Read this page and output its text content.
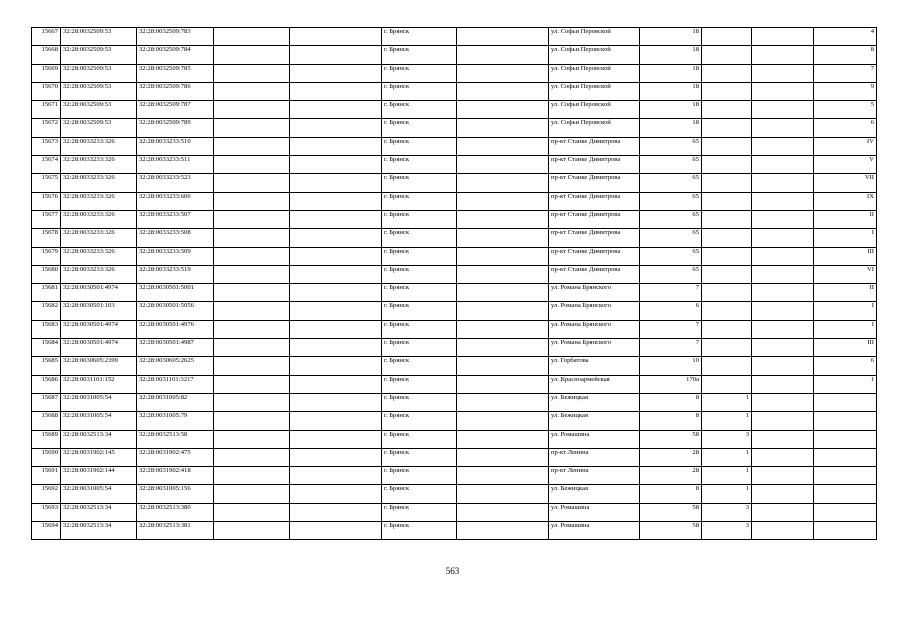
15667	32:28:0032509:53	32:28:0032509:783			г. Брянск		ул. Софьи Перовской	18			4
15668	32:28:0032509:53	32:28:0032509:784			г. Брянск		ул. Софьи Перовской	18			8
15669	32:28:0032509:53	32:28:0032509:785			г. Брянск		ул. Софьи Перовской	18			7
15670	32:28:0032509:53	32:28:0032509:786			г. Брянск		ул. Софьи Перовской	18			9
15671	32:28:0032509:53	32:28:0032509:787			г. Брянск		ул. Софьи Перовской	18			5
15672	32:28:0032509:53	32:28:0032509:789			г. Брянск		ул. Софьи Перовской	18			6
15673	32:28:0033233:326	32:28:0033233:510			г. Брянск		пр-кт Станке Димитрова	65			IV
15674	32:28:0033233:326	32:28:0033233:511			г. Брянск		пр-кт Станке Димитрова	65			V
15675	32:28:0033233:326	32:28:0033233:523			г. Брянск		пр-кт Станке Димитрова	65			VII
15676	32:28:0033233:326	32:28:0033233:606			г. Брянск		пр-кт Станке Димитрова	65			IX
15677	32:28:0033233:326	32:28:0033233:507			г. Брянск		пр-кт Станке Димитрова	65			II
15678	32:28:0033233:326	32:28:0033233:508			г. Брянск		пр-кт Станке Димитрова	65			I
15679	32:28:0033233:326	32:28:0033233:509			г. Брянск		пр-кт Станке Димитрова	65			III
15680	32:28:0033233:326	32:28:0033233:519			г. Брянск		пр-кт Станке Димитрова	65			VI
15681	32:28:0030501:4974	32:28:0030501:5001			г. Брянск		ул. Романа Брянского	7			II
15682	32:28:0030501:103	32:28:0030501:5056			г. Брянск		ул. Романа Брянского	6			I
15683	32:28:0030501:4974	32:28:0030501:4976			г. Брянск		ул. Романа Брянского	7			I
15684	32:28:0030501:4974	32:28:0030501:4987			г. Брянск		ул. Романа Брянского	7			III
15685	32:28:0030605:2399	32:28:0030605:2625			г. Брянск		ул. Горбатова	10			6
15686	32:28:0031101:152	32:28:0031101:3217			г. Брянск		ул. Красноармейская	170а			1
15687	32:28:0031005:54	32:28:0031005:82			г. Брянск		ул. Бежицкая	8	1		
15688	32:28:0031005:54	32:28:0031005:79			г. Брянск		ул. Бежицкая	8	1		
15689	32:28:0032513:34	32:28:0032513:58			г. Брянск		ул. Ромашина	58	3		
15690	32:28:0031902:145	32:28:0031902:475			г. Брянск		пр-кт Ленина	28	1		
15691	32:28:0031902:144	32:28:0031902:418			г. Брянск		пр-кт Ленина	28	1		
15692	32:28:0031005:54	32:28:0031005:156			г. Брянск		ул. Бежицкая	8	1		
15693	32:28:0032513:34	32:28:0032513:380			г. Брянск		ул. Ромашина	58	3		
15694	32:28:0032513:34	32:28:0032513:381			г. Брянск		ул. Ромашина	58	3		
563
